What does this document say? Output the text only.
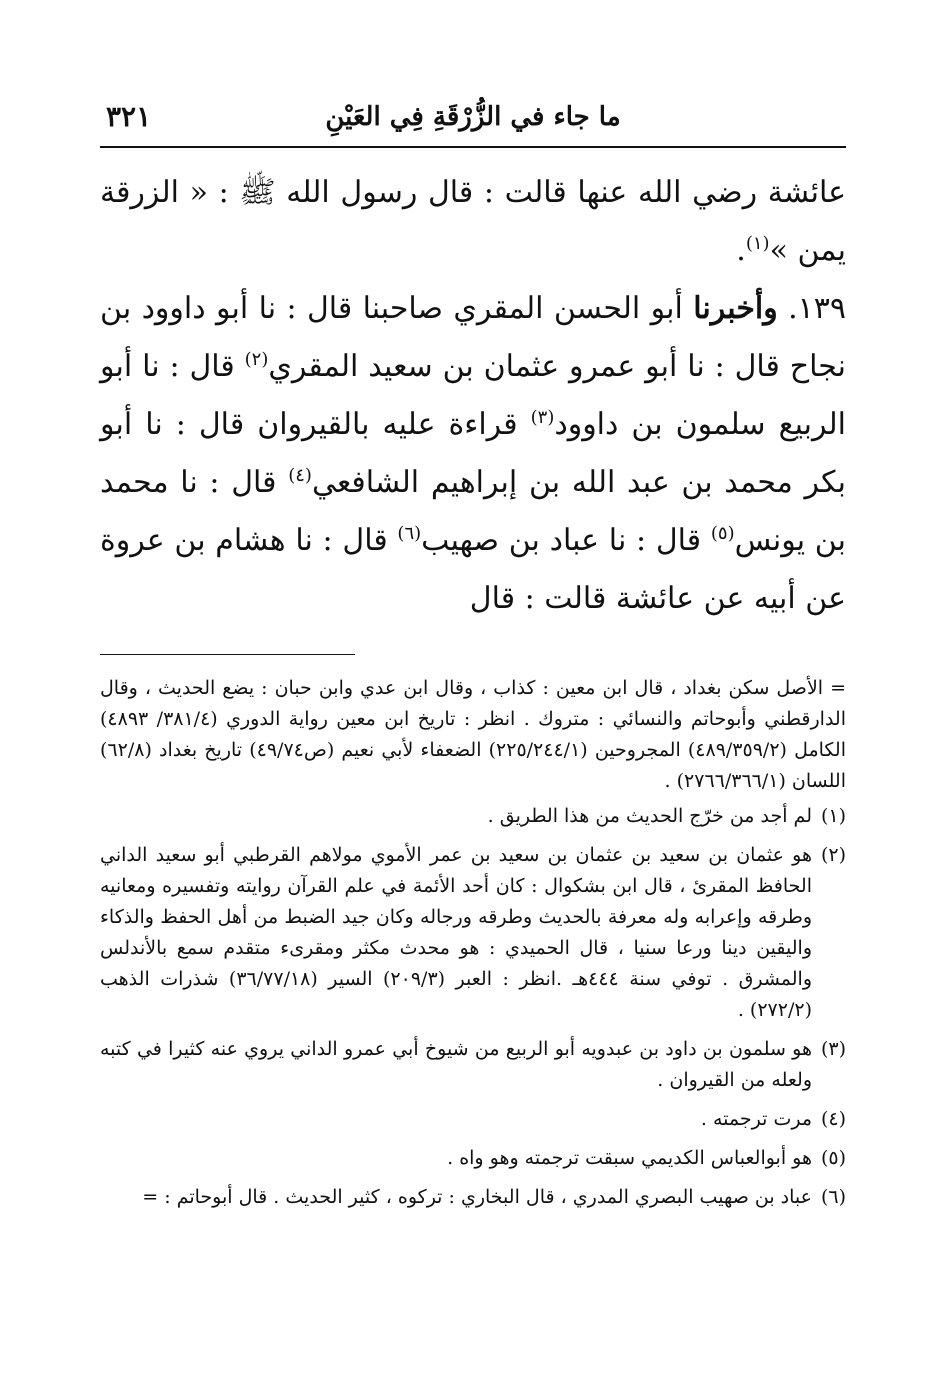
ما جاء في الزُّرْقَةِ فِي العَيْنِ
٣٢١

عائشة رضي الله عنها قالت : قال رسول الله ﷺ : « الزرقة يمن »$^{(١)}$.

١٣٩. وأخبرنا أبو الحسن المقري صاحبنا قال : نا أبو داوود بن نجاح قال : نا أبو عمرو عثمان بن سعيد المقري$^{(٢)}$ قال : نا أبو الربيع سلمون بن داوود$^{(٣)}$ قراءة عليه بالقيروان قال : نا أبو بكر محمد بن عبد الله بن إبراهيم الشافعي$^{(٤)}$ قال : نا محمد بن يونس$^{(٥)}$ قال : نا عباد بن صهيب$^{(٦)}$ قال : نا هشام بن عروة عن أبيه عن عائشة قالت : قال

= الأصل سكن بغداد ، قال ابن معين : كذاب ، وقال ابن عدي وابن حبان : يضع الحديث ، وقال الدارقطني وأبوحاتم والنسائي : متروك . انظر : تاريخ ابن معين رواية الدوري (٣٨١/٤/ ٤٨٩٣) الكامل (٤٨٩/٣٥٩/٢) المجروحين (٢٢٥/٢٤٤/١) الضعفاء لأبي نعيم (ص٤٩/٧٤) تاريخ بغداد (٦٢/٨) اللسان (٢٧٦٦/٣٦٦/١) .

(١)
لم أجد من خرّج الحديث من هذا الطريق .
(٢)
هو عثمان بن سعيد بن عثمان بن سعيد بن عمر الأموي مولاهم القرطبي أبو سعيد الداني الحافظ المقرئ ، قال ابن بشكوال : كان أحد الأئمة في علم القرآن روايته وتفسيره ومعانيه وطرقه وإعرابه وله معرفة بالحديث وطرقه ورجاله وكان جيد الضبط من أهل الحفظ والذكاء واليقين دينا ورعا سنيا ، قال الحميدي : هو محدث مكثر ومقرىء متقدم سمع بالأندلس والمشرق . توفي سنة ٤٤٤هـ .انظر : العبر (٢٠٩/٣) السير (٣٦/٧٧/١٨) شذرات الذهب (٢٧٢/٢) .
(٣)
هو سلمون بن داود بن عبدويه أبو الربيع من شيوخ أبي عمرو الداني يروي عنه كثيرا في كتبه ولعله من القيروان .
(٤)
مرت ترجمته .
(٥)
هو أبوالعباس الكديمي سبقت ترجمته وهو واه .
(٦)
عباد بن صهيب البصري المدري ، قال البخاري : تركوه ، كثير الحديث . قال أبوحاتم : =
